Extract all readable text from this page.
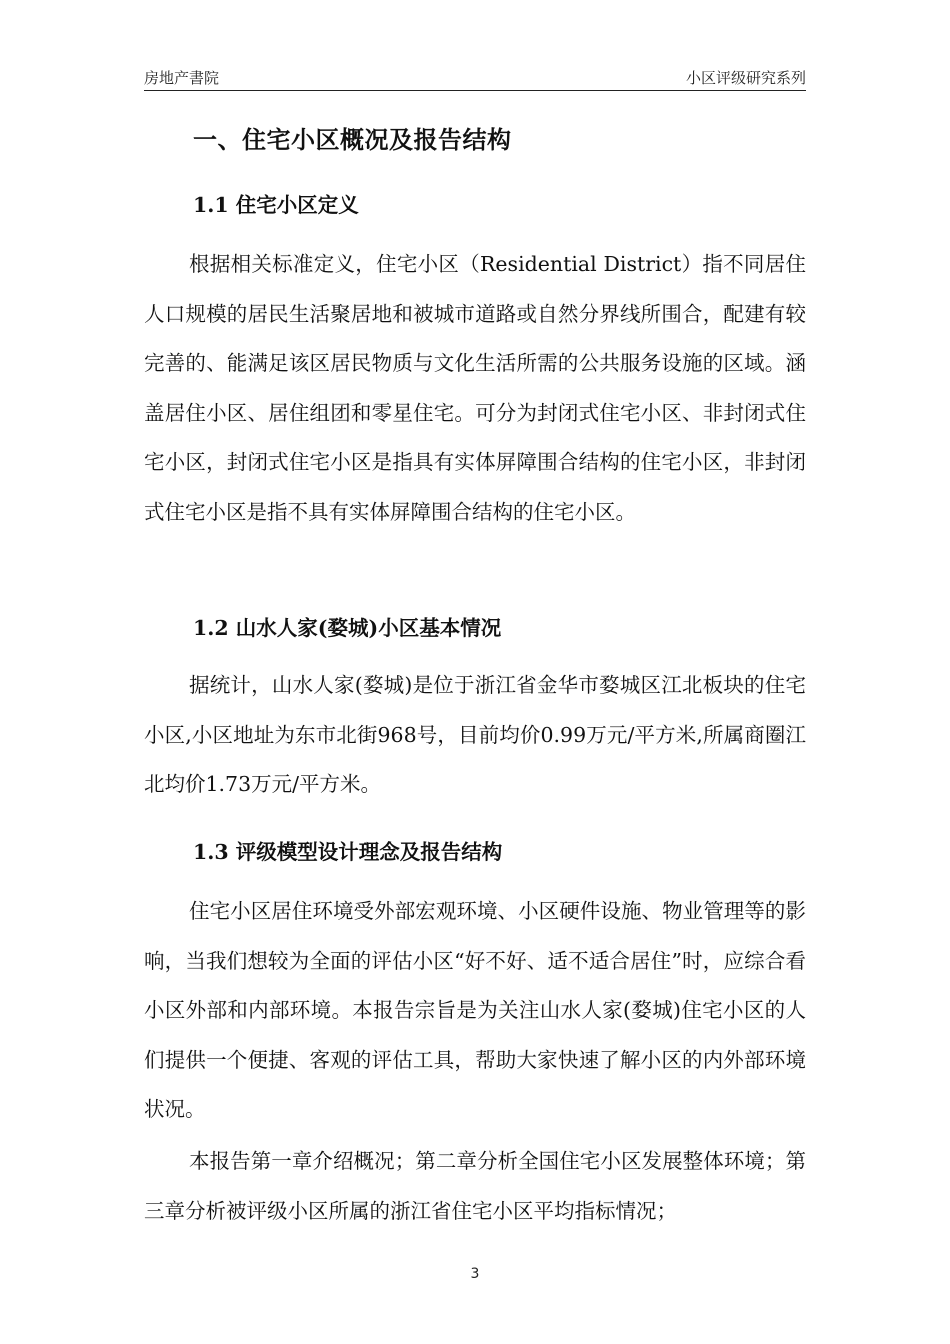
房地产書院	小区评级研究系列
一、住宅小区概况及报告结构
1.1 住宅小区定义
根据相关标准定义，住宅小区（Residential District）指不同居住人口规模的居民生活聚居地和被城市道路或自然分界线所围合，配建有较完善的、能满足该区居民物质与文化生活所需的公共服务设施的区域。涵盖居住小区、居住组团和零星住宅。可分为封闭式住宅小区、非封闭式住宅小区，封闭式住宅小区是指具有实体屏障围合结构的住宅小区，非封闭式住宅小区是指不具有实体屏障围合结构的住宅小区。
1.2 山水人家(婺城)小区基本情况
据统计，山水人家(婺城)是位于浙江省金华市婺城区江北板块的住宅小区,小区地址为东市北街968号，目前均价0.99万元/平方米,所属商圈江北均价1.73万元/平方米。
1.3 评级模型设计理念及报告结构
住宅小区居住环境受外部宏观环境、小区硬件设施、物业管理等的影响，当我们想较为全面的评估小区“好不好、适不适合居住”时，应综合看小区外部和内部环境。本报告宗旨是为关注山水人家(婺城)住宅小区的人们提供一个便捷、客观的评估工具，帮助大家快速了解小区的内外部环境状况。
本报告第一章介绍概况；第二章分析全国住宅小区发展整体环境；第三章分析被评级小区所属的浙江省住宅小区平均指标情况；
3
